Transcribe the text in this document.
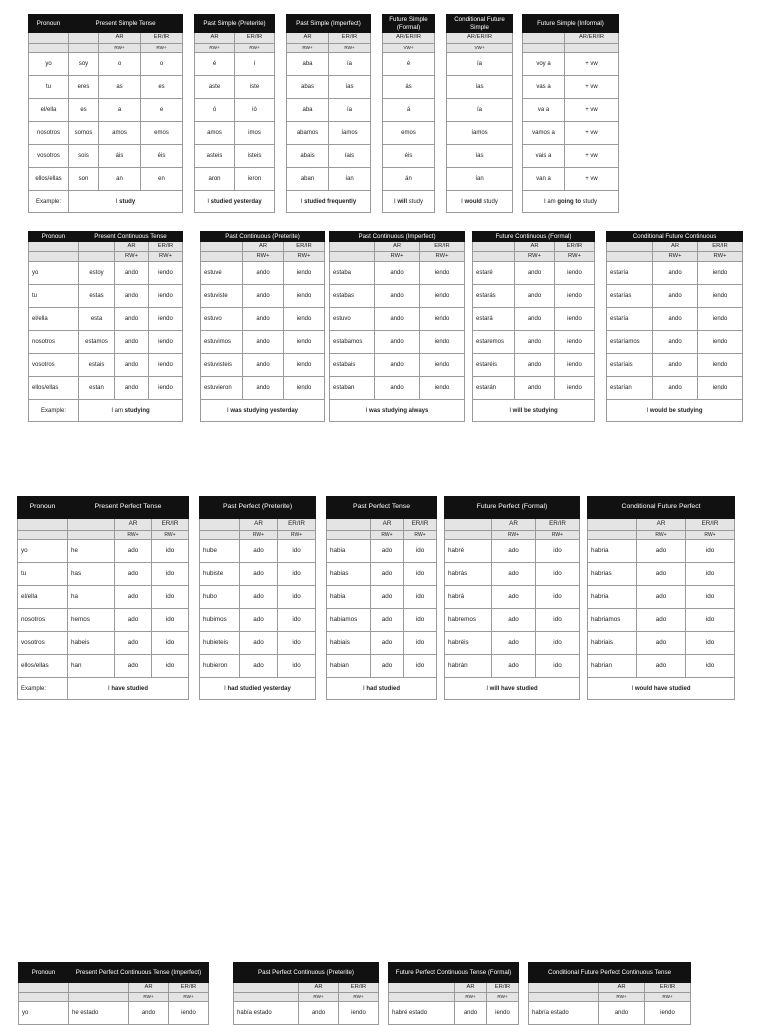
Pronoun	Present Simple Tense		
		AR	ER/IR
		RW+	RW+
yo	soy	o	o
tu	eres	as	es
el/ella	es	a	e
nosotros	somos	amos	emos
vosotros	sois	áis	éis
ellos/ellas	son	an	en
Example:	I study		
Past Simple (Preterite)	
AR	ER/IR
RW+	RW+
é	í
aste	iste
ó	ió
amos	imos
asteis	isteis
aron	ieron
I studied yesterday	
Past Simple (Imperfect)	
AR	ER/IR
RW+	RW+
aba	ía
abas	ías
aba	ía
abamos	íamos
abais	íais
aban	ían
I studied frequently	
Future Simple (Formal)
AR/ER/IR
VW+
é
ás
á
emos
éis
án
I will study
Conditional Future Simple
AR/ER/IR
VW+
ía
ías
ía
íamos
ías
ían
I would study
Future Simple (Informal)	
	AR/ER/IR

voy a	+ vw
vas a	+ vw
va a	+ vw
vamos a	+ vw
vais a	+ vw
van a	+ vw
I am going to study	
Pronoun	Present Continuous Tense		
		AR	ER/IR
		RW+	RW+
yo	estoy	ando	iendo
tu	estas	ando	iendo
el/ella	esta	ando	iendo
nosotros	estamos	ando	iendo
vosotros	estais	ando	iendo
ellos/ellas	estan	ando	iendo
Example:	I am studying		
Past Continuous (Preterite)		
	AR	ER/IR
	RW+	RW+
estuve	ando	iendo
estuviste	ando	iendo
estuvo	ando	iendo
estuvimos	ando	iendo
estuvisteis	ando	iendo
estuvieron	ando	iendo
I was studying yesterday		
Past Continuous (Imperfect)		
	AR	ER/IR
	RW+	RW+
estaba	ando	iendo
estabas	ando	iendo
estuvo	ando	iendo
estabamos	ando	iendo
estabais	ando	iendo
estaban	ando	iendo
I was studying always		
Future Continuous (Formal)		
	AR	ER/IR
	RW+	RW+
estaré	ando	iendo
estarás	ando	iendo
estará	ando	iendo
estaremos	ando	iendo
estaréis	ando	iendo
estarán	ando	iendo
I will be studying		
Conditional Future Continuous		
	AR	ER/IR
	RW+	RW+
estaría	ando	iendo
estarías	ando	iendo
estaría	ando	iendo
estaríamos	ando	iendo
estaríais	ando	iendo
estarían	ando	iendo
I would be studying		
Pronoun	Present Perfect Tense		
		AR	ER/IR
		RW+	RW+
yo	he	ado	ido
tu	has	ado	ido
el/ella	ha	ado	ido
nosotros	hemos	ado	ido
vosotros	habeis	ado	ido
ellos/ellas	han	ado	ido
Example:	I have studied		
Past Perfect (Preterite)		
	AR	ER/IR
	RW+	RW+
hube	ado	ido
hubiste	ado	ido
hubo	ado	ido
hubimos	ado	ido
hubieteis	ado	ido
hubieron	ado	ido
I had studied yesterday		
Past Perfect Tense		
	AR	ER/IR
	RW+	RW+
habia	ado	ido
habias	ado	ido
habia	ado	ido
habiamos	ado	ido
habiais	ado	ido
habian	ado	ido
I had studied		
Future Perfect (Formal)		
	AR	ER/IR
	RW+	RW+
habré	ado	ido
habrás	ado	ido
habrá	ado	ido
habremos	ado	ido
habréis	ado	ido
habrán	ado	ido
I will have studied		
Conditional Future Perfect		
	AR	ER/IR
	RW+	RW+
habria	ado	ido
habrias	ado	ido
habria	ado	ido
habriamos	ado	ido
habriais	ado	ido
habrian	ado	ido
I would have studied		
Pronoun	Present Perfect Continuous Tense (Imperfect)		
		AR	ER/IR
		RW+	RW+
yo	he estado	ando	iendo
Past Perfect Continuous (Preterite)		
	AR	ER/IR
	RW+	RW+
había estado	ando	iendo
Future Perfect Continuous Tense (Formal)		
	AR	ER/IR
	RW+	RW+
habré estado	ando	iendo
Conditional Future Perfect Continuous Tense		
	AR	ER/IR
	RW+	RW+
habría estado	ando	iendo
